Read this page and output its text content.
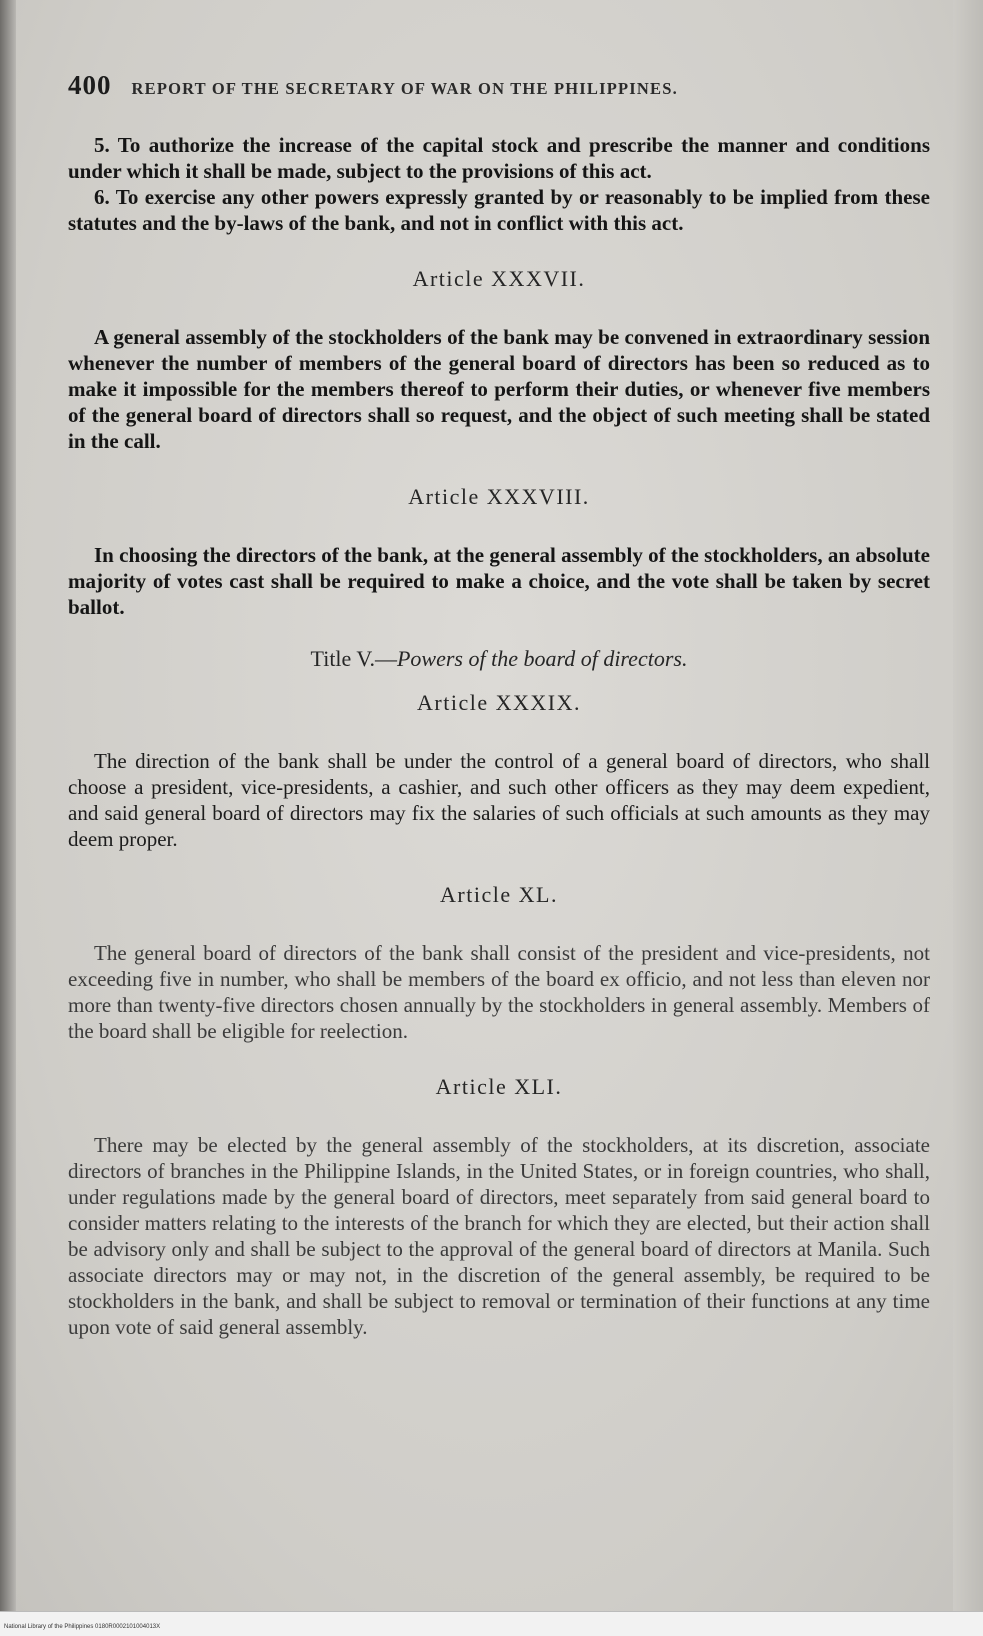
400 REPORT OF THE SECRETARY OF WAR ON THE PHILIPPINES.

5. To authorize the increase of the capital stock and prescribe the manner and conditions under which it shall be made, subject to the provisions of this act.

6. To exercise any other powers expressly granted by or reasonably to be implied from these statutes and the by-laws of the bank, and not in conflict with this act.

Article XXXVII.

A general assembly of the stockholders of the bank may be convened in extraordinary session whenever the number of members of the general board of directors has been so reduced as to make it impossible for the members thereof to perform their duties, or whenever five members of the general board of directors shall so request, and the object of such meeting shall be stated in the call.

Article XXXVIII.

In choosing the directors of the bank, at the general assembly of the stockholders, an absolute majority of votes cast shall be required to make a choice, and the vote shall be taken by secret ballot.

Title V.—Powers of the board of directors.
Article XXXIX.

The direction of the bank shall be under the control of a general board of directors, who shall choose a president, vice-presidents, a cashier, and such other officers as they may deem expedient, and said general board of directors may fix the salaries of such officials at such amounts as they may deem proper.

Article XL.

The general board of directors of the bank shall consist of the president and vice-presidents, not exceeding five in number, who shall be members of the board ex officio, and not less than eleven nor more than twenty-five directors chosen annually by the stockholders in general assembly. Members of the board shall be eligible for reelection.

Article XLI.

There may be elected by the general assembly of the stockholders, at its discretion, associate directors of branches in the Philippine Islands, in the United States, or in foreign countries, who shall, under regulations made by the general board of directors, meet separately from said general board to consider matters relating to the interests of the branch for which they are elected, but their action shall be advisory only and shall be subject to the approval of the general board of directors at Manila. Such associate directors may or may not, in the discretion of the general assembly, be required to be stockholders in the bank, and shall be subject to removal or termination of their functions at any time upon vote of said general assembly.

National Library of the Philippines 0180R0002101004013X
